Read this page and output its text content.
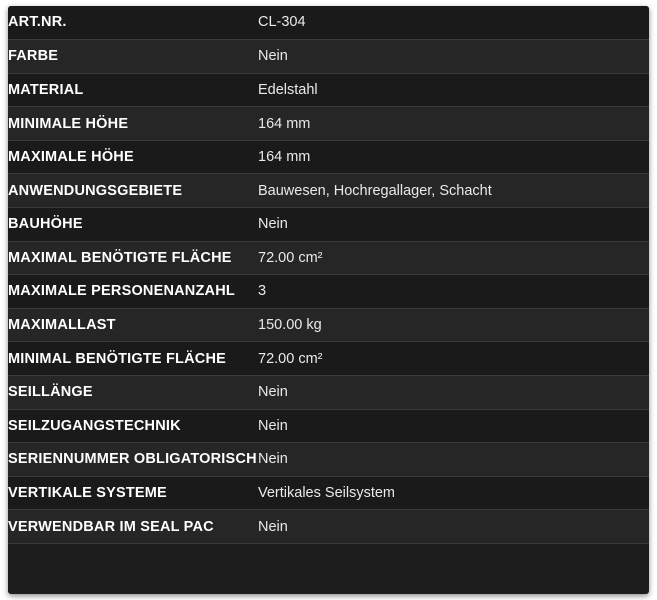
ART.NR.	CL-304
FARBE	Nein
MATERIAL	Edelstahl
MINIMALE HÖHE	164 mm
MAXIMALE HÖHE	164 mm
ANWENDUNGSGEBIETE	Bauwesen, Hochregallager, Schacht
BAUHÖHE	Nein
MAXIMAL BENÖTIGTE FLÄCHE	72.00 cm²
MAXIMALE PERSONENANZAHL	3
MAXIMALLAST	150.00 kg
MINIMAL BENÖTIGTE FLÄCHE	72.00 cm²
SEILLÄNGE	Nein
SEILZUGANGSTECHNIK	Nein
SERIENNUMMER OBLIGATORISCH	Nein
VERTIKALE SYSTEME	Vertikales Seilsystem
VERWENDBAR IM SEAL PAC	Nein
